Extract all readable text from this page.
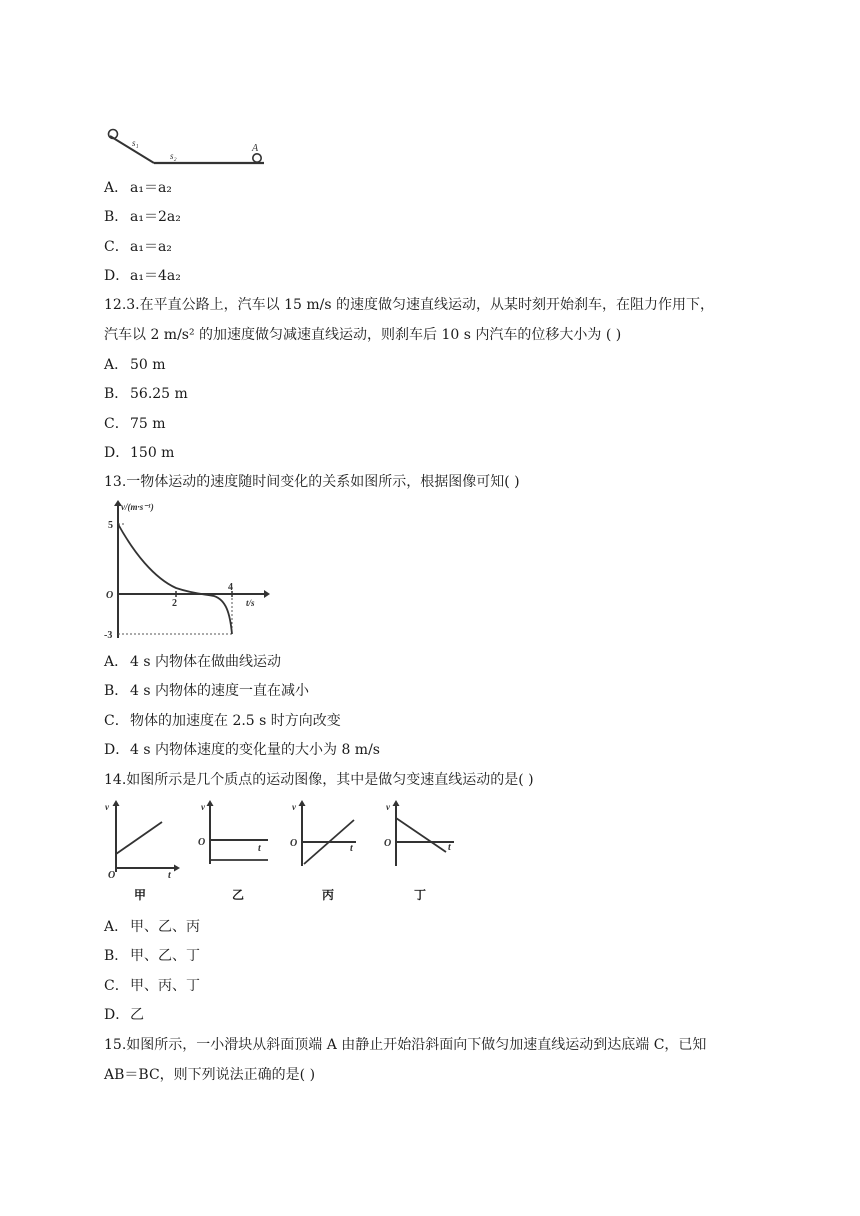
s₁
s₂
A
A． a₁＝a₂
B． a₁＝2a₂
C．a₁＝a₂
D．a₁＝4a₂
12.3.在平直公路上，汽车以 15 m/s 的速度做匀速直线运动，从某时刻开始刹车，在阻力作用下，
汽车以 2 m/s² 的加速度做匀减速直线运动，则刹车后 10 s 内汽车的位移大小为 ( )
A． 50 m
B． 56.25 m
C．75 m
D．150 m
13.一物体运动的速度随时间变化的关系如图所示，根据图像可知( )
v/(m·s⁻¹)
5
O
-3
2
4
t/s
A． 4 s 内物体在做曲线运动
B． 4 s 内物体的速度一直在减小
C．物体的加速度在 2.5 s 时方向改变
D．4 s 内物体速度的变化量的大小为 8 m/s
14.如图所示是几个质点的运动图像，其中是做匀变速直线运动的是( )
v
O	t
甲
v
O
t
乙
v
O	t
丙
v
O	t
丁
A． 甲、乙、丙
B． 甲、乙、丁
C．甲、丙、丁
D．乙
15.如图所示，一小滑块从斜面顶端 A 由静止开始沿斜面向下做匀加速直线运动到达底端 C，已知
AB＝BC，则下列说法正确的是( )
